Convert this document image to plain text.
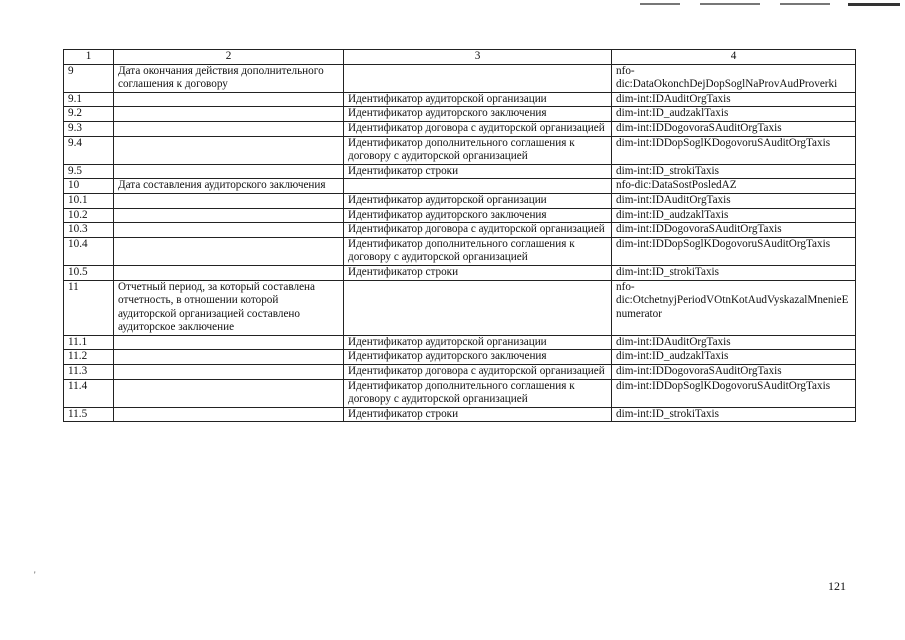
1	2	3	4
9	Дата окончания действия дополнительного соглашения к договору		nfo-dic:DataOkonchDejDopSoglNaProvAudProverki
9.1		Идентификатор аудиторской организации	dim-int:IDAuditOrgTaxis
9.2		Идентификатор аудиторского заключения	dim-int:ID_audzaklTaxis
9.3		Идентификатор договора с аудиторской организацией	dim-int:IDDogovoraSAuditOrgTaxis
9.4		Идентификатор дополнительного соглашения к договору с аудиторской организацией	dim-int:IDDopSoglKDogovoruSAuditOrgTaxis
9.5		Идентификатор строки	dim-int:ID_strokiTaxis
10	Дата составления аудиторского заключения		nfo-dic:DataSostPosledAZ
10.1		Идентификатор аудиторской организации	dim-int:IDAuditOrgTaxis
10.2		Идентификатор аудиторского заключения	dim-int:ID_audzaklTaxis
10.3		Идентификатор договора с аудиторской организацией	dim-int:IDDogovoraSAuditOrgTaxis
10.4		Идентификатор дополнительного соглашения к договору с аудиторской организацией	dim-int:IDDopSoglKDogovoruSAuditOrgTaxis
10.5		Идентификатор строки	dim-int:ID_strokiTaxis
11	Отчетный период, за который составлена отчетность, в отношении которой аудиторской организацией составлено аудиторское заключение		nfo-dic:OtchetnyjPeriodVOtnKotAudVyskazalMnenieEnumerator
11.1		Идентификатор аудиторской организации	dim-int:IDAuditOrgTaxis
11.2		Идентификатор аудиторского заключения	dim-int:ID_audzaklTaxis
11.3		Идентификатор договора с аудиторской организацией	dim-int:IDDogovoraSAuditOrgTaxis
11.4		Идентификатор дополнительного соглашения к договору с аудиторской организацией	dim-int:IDDopSoglKDogovoruSAuditOrgTaxis
11.5		Идентификатор строки	dim-int:ID_strokiTaxis
'
121
